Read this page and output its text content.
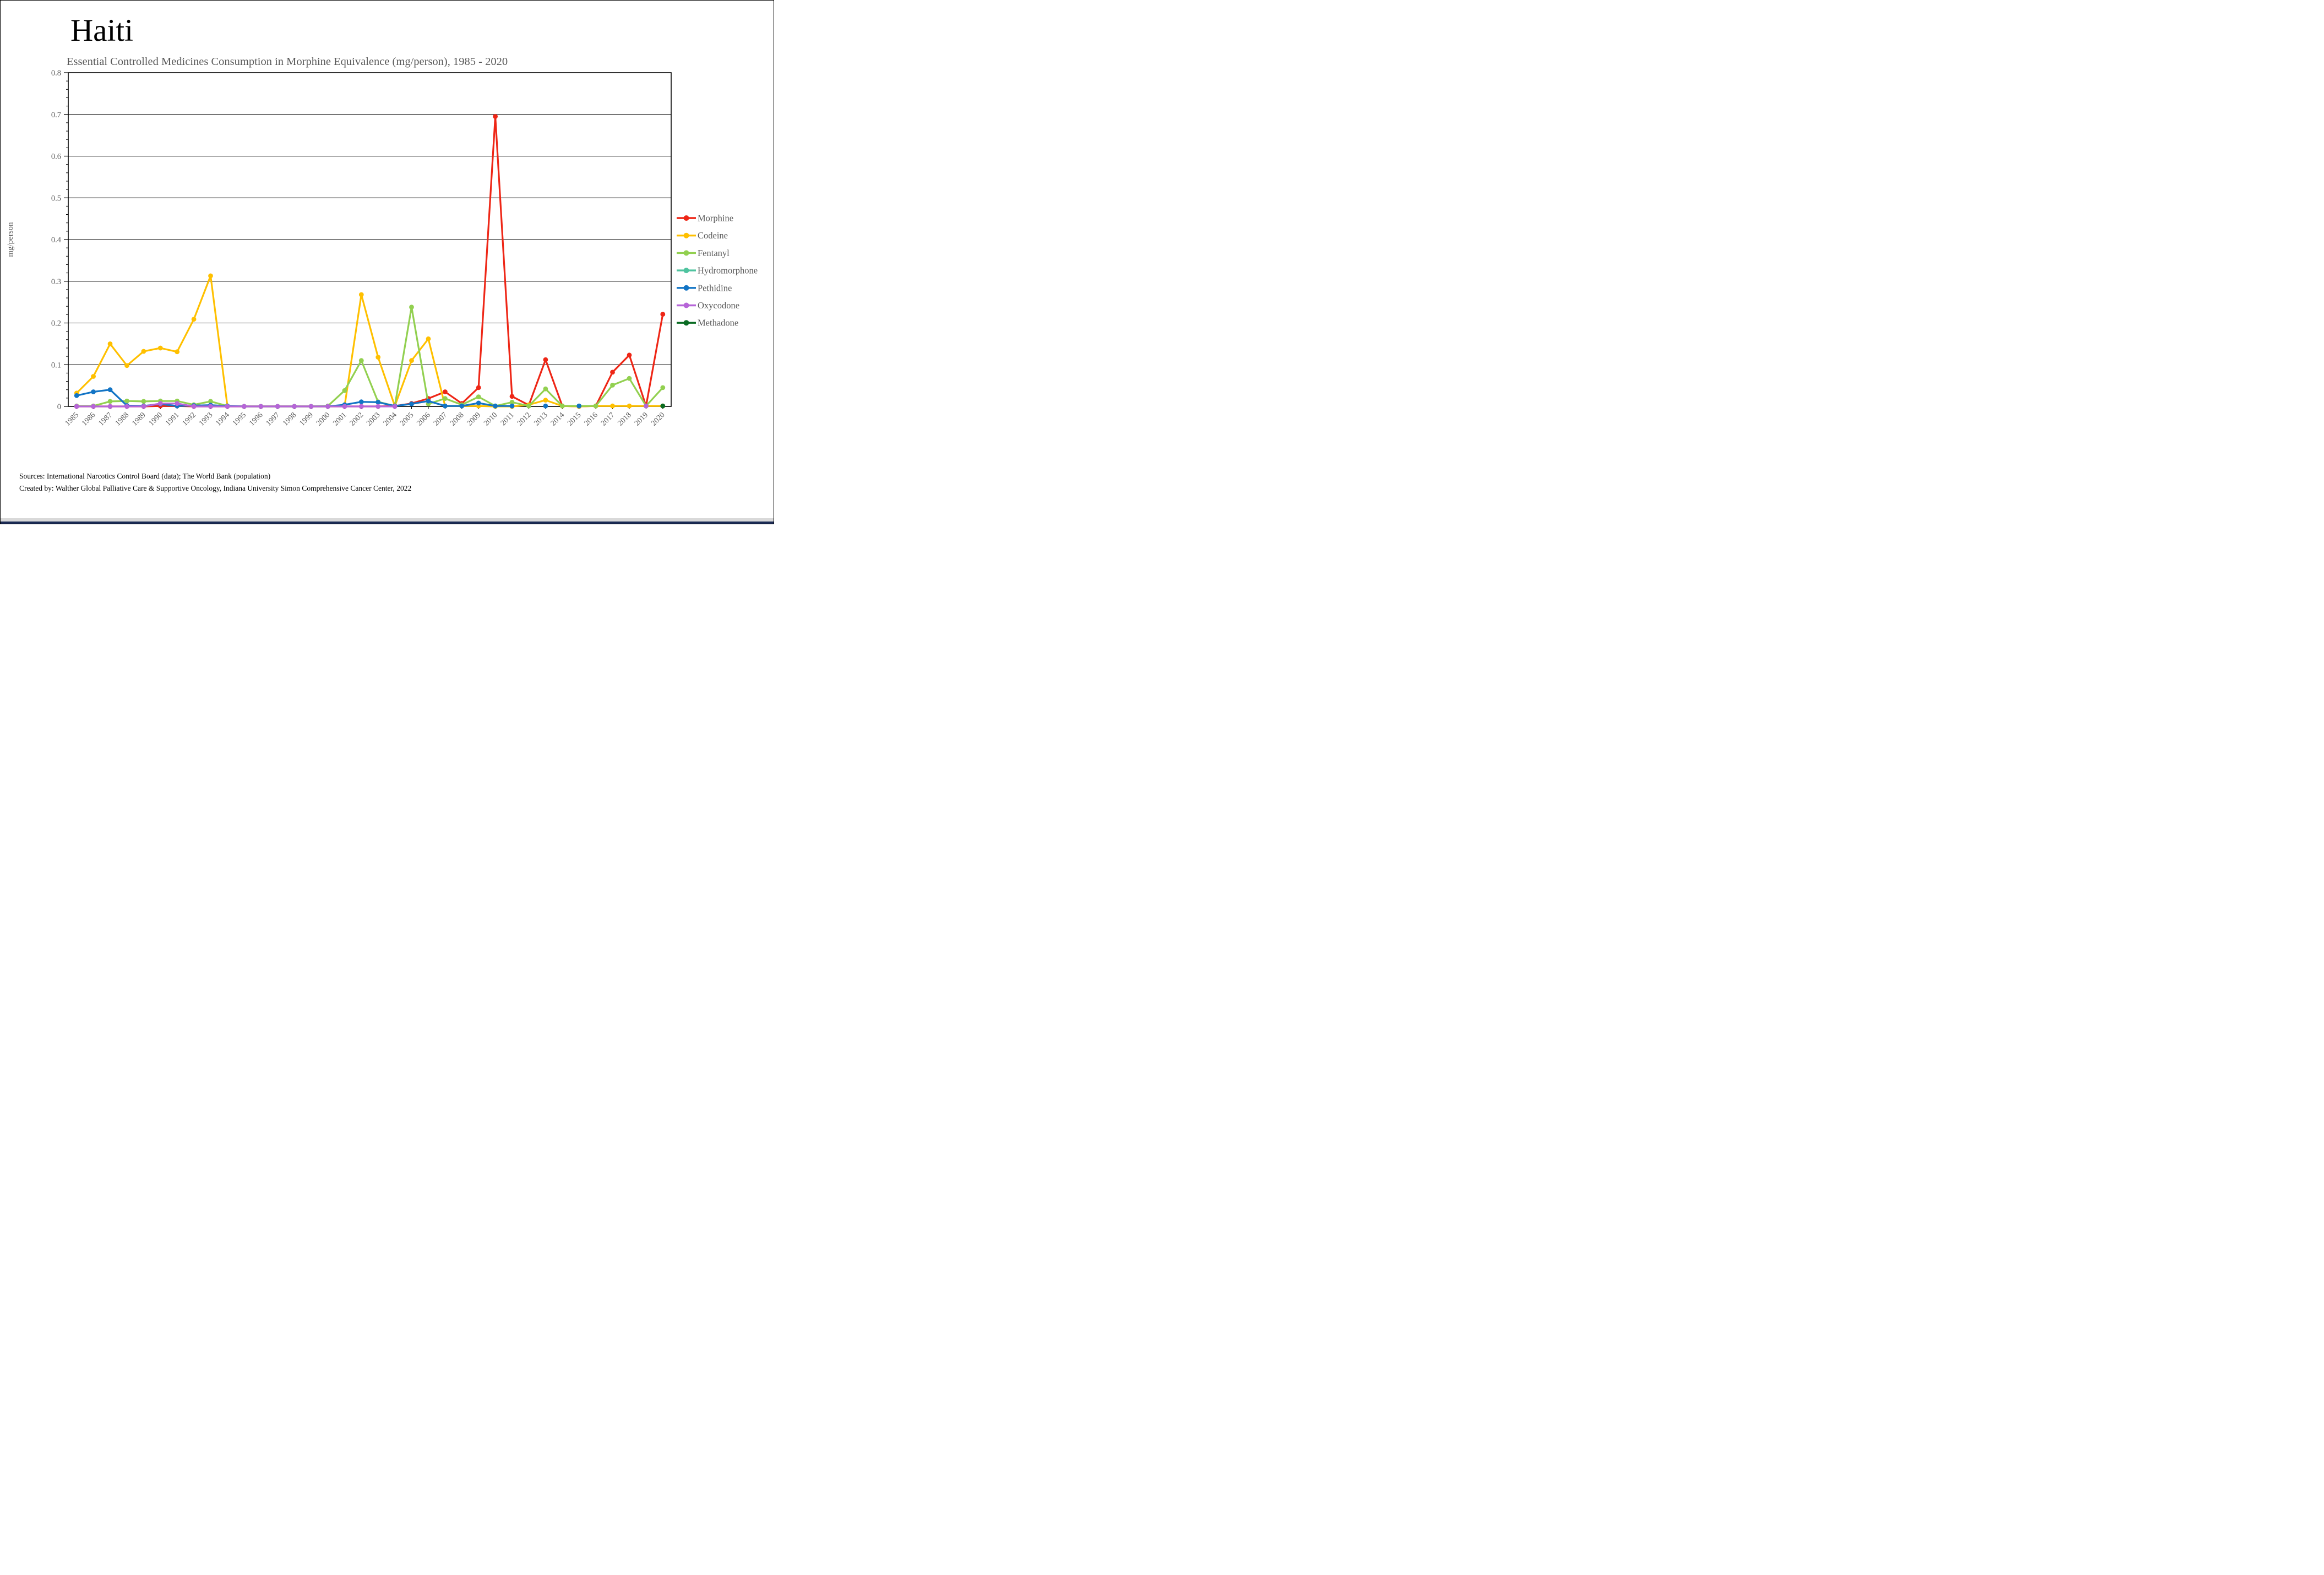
Haiti
Essential Controlled Medicines Consumption in Morphine Equivalence (mg/person), 1985 - 2020
0
0.1
0.2
0.3
0.4
0.5
0.6
0.7
0.8
mg/person
1985 1986 1987 1988 1989 1990 1991 1992 1993 1994 1995 1996 1997 1998 1999 2000 2001 2002 2003 2004 2005 2006 2007 2008 2009 2010 2011 2012 2013 2014 2015 2016 2017 2018 2019 2020
Morphine
Codeine
Fentanyl
Hydromorphone
Pethidine
Oxycodone
Methadone
Sources: International Narcotics Control Board (data); The World Bank (population)
Created by: Walther Global Palliative Care & Supportive Oncology, Indiana University Simon Comprehensive Cancer Center, 2022
